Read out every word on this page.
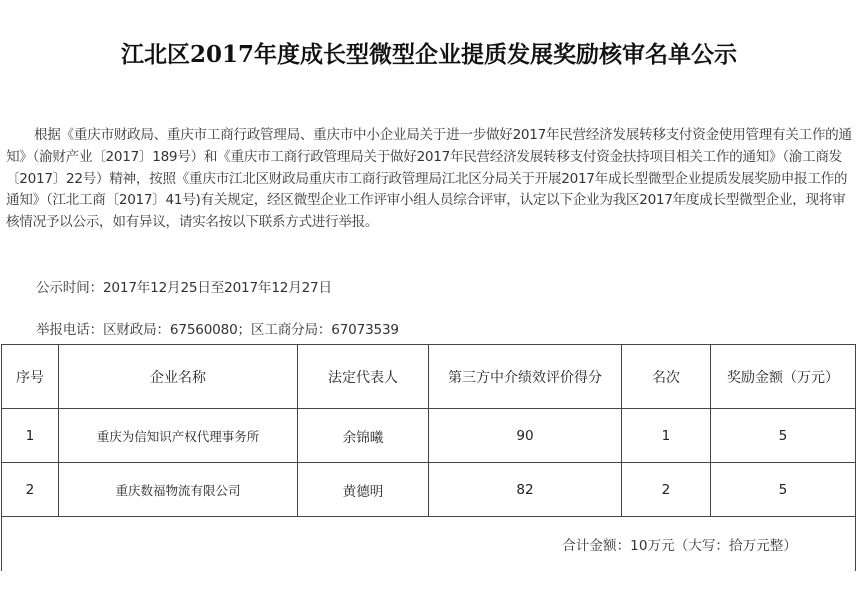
江北区2017年度成长型微型企业提质发展奖励核审名单公示
根据《重庆市财政局、重庆市工商行政管理局、重庆市中小企业局关于进一步做好2017年民营经济发展转移支付资金使用管理有关工作的通知》（渝财产业〔2017〕189号）和《重庆市工商行政管理局关于做好2017年民营经济发展转移支付资金扶持项目相关工作的通知》（渝工商发〔2017〕22号）精神，按照《重庆市江北区财政局重庆市工商行政管理局江北区分局关于开展2017年成长型微型企业提质发展奖励申报工作的通知》（江北工商〔2017〕41号)有关规定，经区微型企业工作评审小组人员综合评审，认定以下企业为我区2017年度成长型微型企业，现将审核情况予以公示，如有异议，请实名按以下联系方式进行举报。
公示时间：2017年12月25日至2017年12月27日
举报电话：区财政局：67560080；区工商分局：67073539
序号	企业名称	法定代表人	第三方中介绩效评价得分	名次	奖励金额（万元）
1	重庆为信知识产权代理事务所	余锦曦	90	1	5
2	重庆数福物流有限公司	黄德明	82	2	5
合计金额：10万元（大写：拾万元整）					
